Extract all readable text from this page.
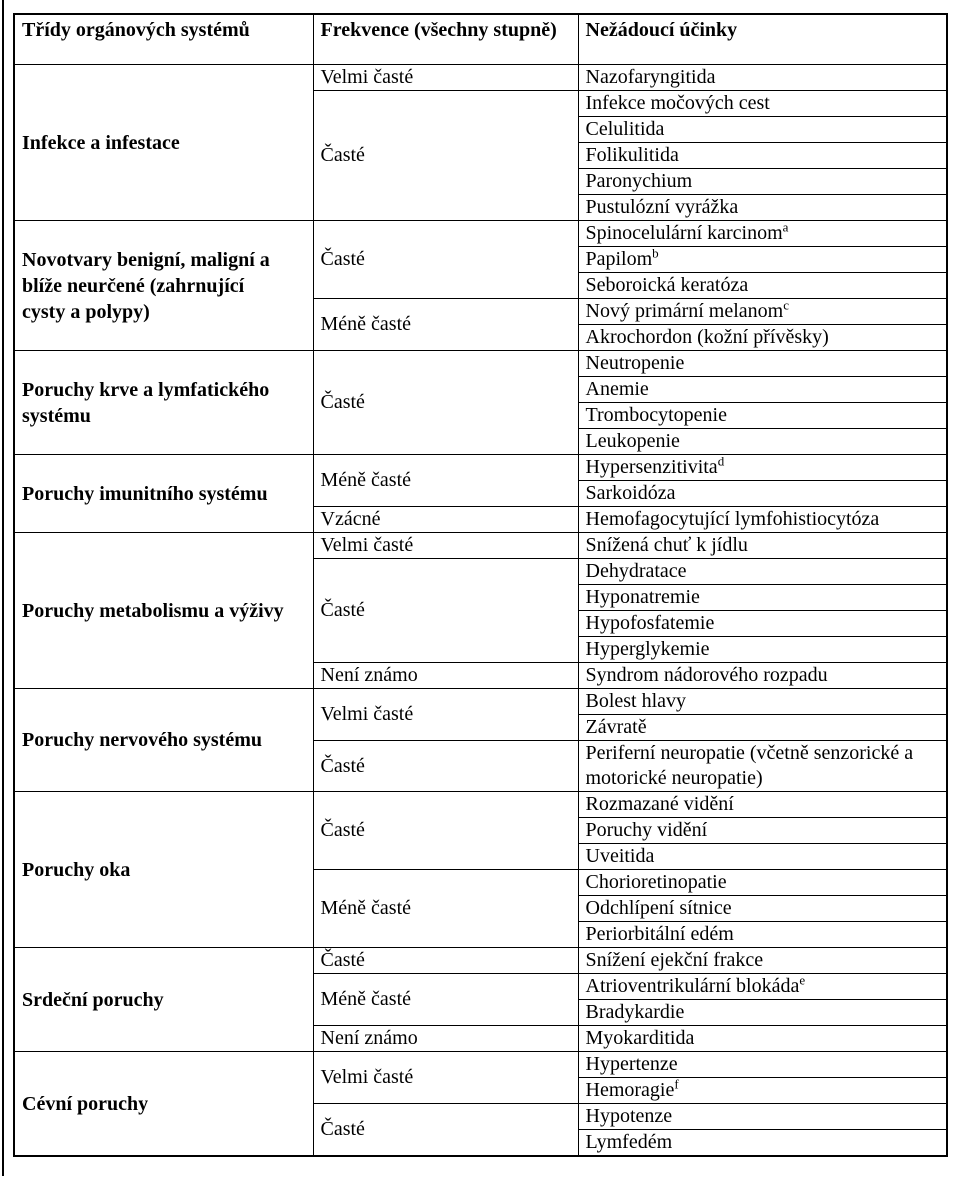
Třídy orgánových systémů	Frekvence (všechny stupně)	Nežádoucí účinky
Infekce a infestace	Velmi časté	Nazofaryngitida
	Časté	Infekce močových cest
		Celulitida
		Folikulitida
		Paronychium
		Pustulózní vyrážka
Novotvary benigní, maligní a blíže neurčené (zahrnující cysty a polypy)	Časté	Spinocelulární karcinom$^a$
		Papilom$^b$
		Seboroická keratóza
	Méně časté	Nový primární melanom$^c$
		Akrochordon (kožní přívěsky)
Poruchy krve a lymfatického systému	Časté	Neutropenie
		Anemie
		Trombocytopenie
		Leukopenie
Poruchy imunitního systému	Méně časté	Hypersenzitivita$^d$
		Sarkoidóza
	Vzácné	Hemofagocytující lymfohistiocytóza
Poruchy metabolismu a výživy	Velmi časté	Snížená chuť k jídlu
	Časté	Dehydratace
		Hyponatremie
		Hypofosfatemie
		Hyperglykemie
	Není známo	Syndrom nádorového rozpadu
Poruchy nervového systému	Velmi časté	Bolest hlavy
		Závratě
	Časté	Periferní neuropatie (včetně senzorické a motorické neuropatie)
Poruchy oka	Časté	Rozmazané vidění
		Poruchy vidění
		Uveitida
	Méně časté	Chorioretinopatie
		Odchlípení sítnice
		Periorbitální edém
Srdeční poruchy	Časté	Snížení ejekční frakce
	Méně časté	Atrioventrikulární blokáda$^e$
		Bradykardie
	Není známo	Myokarditida
Cévní poruchy	Velmi časté	Hypertenze
		Hemoragie$^f$
	Časté	Hypotenze
		Lymfedém
